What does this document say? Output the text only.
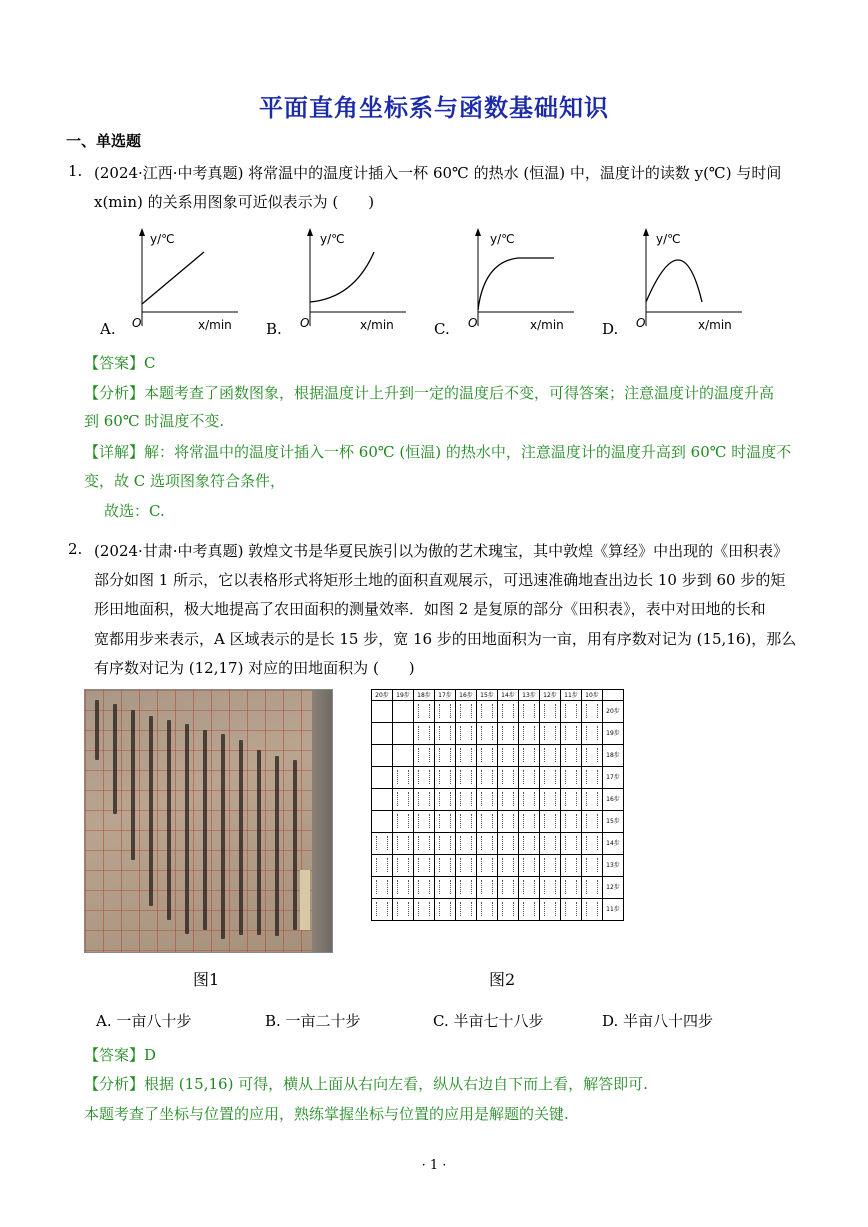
平面直角坐标系与函数基础知识
一、单选题
1. (2024·江西·中考真题) 将常温中的温度计插入一杯 60℃ 的热水 (恒温) 中，温度计的读数 y(℃) 与时间
x(min) 的关系用图象可近似表示为 (　　)
A.
y/℃
x/min
O	B.
y/℃
x/min
O	C.
y/℃
x/min
O	D.
y/℃
x/min
O
【答案】C
【分析】本题考查了函数图象，根据温度计上升到一定的温度后不变，可得答案；注意温度计的温度升高
到 60℃ 时温度不变.
【详解】解：将常温中的温度计插入一杯 60℃ (恒温) 的热水中，注意温度计的温度升高到 60℃ 时温度不
变，故 C 选项图象符合条件，
故选：C.
2. (2024·甘肃·中考真题) 敦煌文书是华夏民族引以为傲的艺术瑰宝，其中敦煌《算经》中出现的《田积表》
部分如图 1 所示，它以表格形式将矩形土地的面积直观展示，可迅速准确地查出边长 10 步到 60 步的矩
形田地面积，极大地提高了农田面积的测量效率．如图 2 是复原的部分《田积表》，表中对田地的长和
宽都用步来表示，A 区域表示的是长 15 步，宽 16 步的田地面积为一亩，用有序数对记为 (15,16)，那么
有序数对记为 (12,17) 对应的田地面积为 (　　)
图1
20步	19步	18步	17步	16步	15步	14步	13步	12步	11步	10步	
											20步
											19步
											18步
											17步
											16步
											15步
											14步
											13步
											12步
											11步
图2
A. 一亩八十步	B. 一亩二十步	C. 半亩七十八步	D. 半亩八十四步
【答案】D
【分析】根据 (15,16) 可得，横从上面从右向左看，纵从右边自下而上看，解答即可.
本题考查了坐标与位置的应用，熟练掌握坐标与位置的应用是解题的关键.
· 1 ·
